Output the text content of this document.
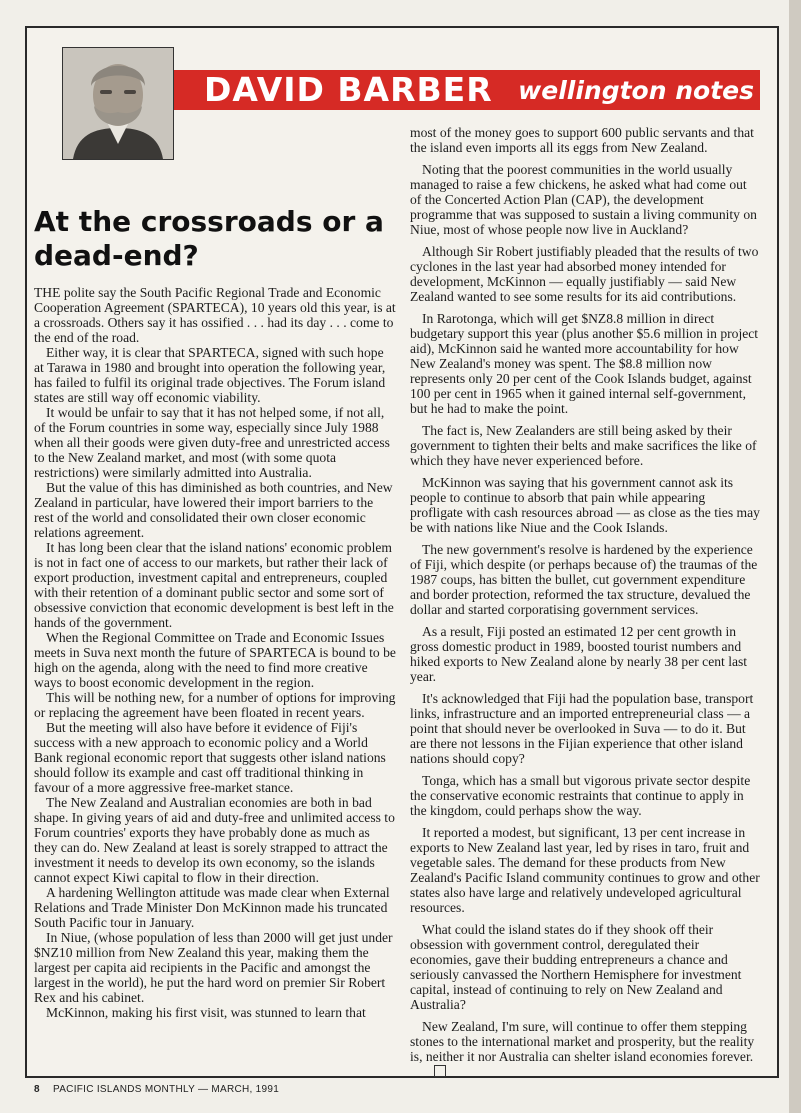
DAVID BARBER wellington notes
At the crossroads or a dead-end?

THE polite say the South Pacific Regional Trade and Economic Cooperation Agreement (SPARTECA), 10 years old this year, is at a crossroads. Others say it has ossified . . . had its day . . . come to the end of the road.

Either way, it is clear that SPARTECA, signed with such hope at Tarawa in 1980 and brought into operation the following year, has failed to fulfil its original trade objectives. The Forum island states are still way off economic viability.

It would be unfair to say that it has not helped some, if not all, of the Forum countries in some way, especially since July 1988 when all their goods were given duty-free and unrestricted access to the New Zealand market, and most (with some quota restrictions) were similarly admitted into Australia.

But the value of this has diminished as both countries, and New Zealand in particular, have lowered their import barriers to the rest of the world and consolidated their own closer economic relations agreement.

It has long been clear that the island nations' economic problem is not in fact one of access to our markets, but rather their lack of export production, investment capital and entrepreneurs, coupled with their retention of a dominant public sector and some sort of obsessive conviction that economic development is best left in the hands of the government.

When the Regional Committee on Trade and Economic Issues meets in Suva next month the future of SPARTECA is bound to be high on the agenda, along with the need to find more creative ways to boost economic development in the region.

This will be nothing new, for a number of options for improving or replacing the agreement have been floated in recent years.

But the meeting will also have before it evidence of Fiji's success with a new approach to economic policy and a World Bank regional economic report that suggests other island nations should follow its example and cast off traditional thinking in favour of a more aggressive free-market stance.

The New Zealand and Australian economies are both in bad shape. In giving years of aid and duty-free and unlimited access to Forum countries' exports they have probably done as much as they can do. New Zealand at least is sorely strapped to attract the investment it needs to develop its own economy, so the islands cannot expect Kiwi capital to flow in their direction.

A hardening Wellington attitude was made clear when External Relations and Trade Minister Don McKinnon made his truncated South Pacific tour in January.

In Niue, (whose population of less than 2000 will get just under $NZ10 million from New Zealand this year, making them the largest per capita aid recipients in the Pacific and amongst the largest in the world), he put the hard word on premier Sir Robert Rex and his cabinet.

McKinnon, making his first visit, was stunned to learn that

most of the money goes to support 600 public servants and that the island even imports all its eggs from New Zealand.

Noting that the poorest communities in the world usually managed to raise a few chickens, he asked what had come out of the Concerted Action Plan (CAP), the development programme that was supposed to sustain a living community on Niue, most of whose people now live in Auckland?

Although Sir Robert justifiably pleaded that the results of two cyclones in the last year had absorbed money intended for development, McKinnon — equally justifiably — said New Zealand wanted to see some results for its aid contributions.

In Rarotonga, which will get $NZ8.8 million in direct budgetary support this year (plus another $5.6 million in project aid), McKinnon said he wanted more accountability for how New Zealand's money was spent. The $8.8 million now represents only 20 per cent of the Cook Islands budget, against 100 per cent in 1965 when it gained internal self-government, but he had to make the point.

The fact is, New Zealanders are still being asked by their government to tighten their belts and make sacrifices the like of which they have never experienced before.

McKinnon was saying that his government cannot ask its people to continue to absorb that pain while appearing profligate with cash resources abroad — as close as the ties may be with nations like Niue and the Cook Islands.

The new government's resolve is hardened by the experience of Fiji, which despite (or perhaps because of) the traumas of the 1987 coups, has bitten the bullet, cut government expenditure and border protection, reformed the tax structure, devalued the dollar and started corporatising government services.

As a result, Fiji posted an estimated 12 per cent growth in gross domestic product in 1989, boosted tourist numbers and hiked exports to New Zealand alone by nearly 38 per cent last year.

It's acknowledged that Fiji had the population base, transport links, infrastructure and an imported entrepreneurial class — a point that should never be overlooked in Suva — to do it. But are there not lessons in the Fijian experience that other island nations should copy?

Tonga, which has a small but vigorous private sector despite the conservative economic restraints that continue to apply in the kingdom, could perhaps show the way.

It reported a modest, but significant, 13 per cent increase in exports to New Zealand last year, led by rises in taro, fruit and vegetable sales. The demand for these products from New Zealand's Pacific Island community continues to grow and other states also have large and relatively undeveloped agricultural resources.

What could the island states do if they shook off their obsession with government control, deregulated their economies, gave their budding entrepreneurs a chance and seriously canvassed the Northern Hemisphere for investment capital, instead of continuing to rely on New Zealand and Australia?

New Zealand, I'm sure, will continue to offer them stepping stones to the international market and prosperity, but the reality is, neither it nor Australia can shelter island economies forever.

8 PACIFIC ISLANDS MONTHLY — MARCH, 1991
